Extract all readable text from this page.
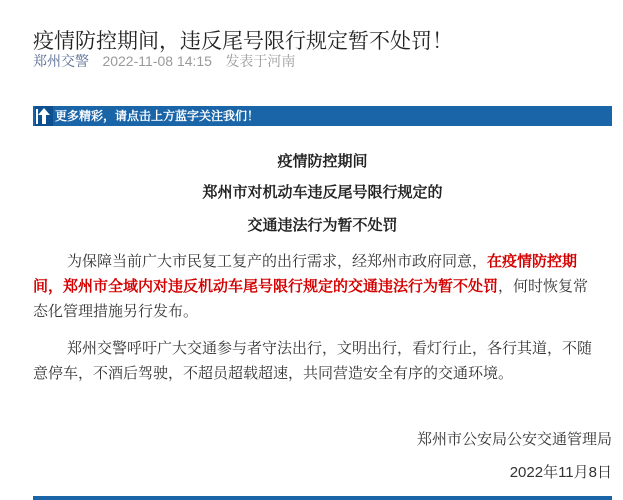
疫情防控期间，违反尾号限行规定暂不处罚！
郑州交警 2022-11-08 14:15 发表于河南
更多精彩，请点击上方蓝字关注我们！
疫情防控期间
郑州市对机动车违反尾号限行规定的
交通违法行为暂不处罚
为保障当前广大市民复工复产的出行需求，经郑州市政府同意，在疫情防控期
间，郑州市全域内对违反机动车尾号限行规定的交通违法行为暂不处罚，何时恢复常
态化管理措施另行发布。
郑州交警呼吁广大交通参与者守法出行，文明出行，看灯行止，各行其道，不随
意停车，不酒后驾驶，不超员超载超速，共同营造安全有序的交通环境。
郑州市公安局公安交通管理局
2022年11月8日
